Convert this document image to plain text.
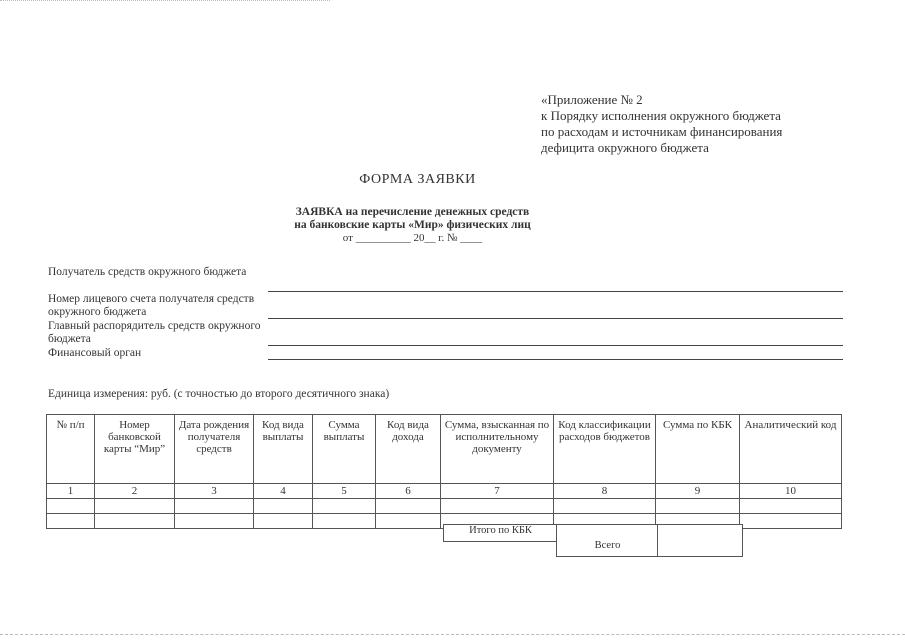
«Приложение № 2
к Порядку исполнения окружного бюджета
по расходам и источникам финансирования
дефицита окружного бюджета
ФОРМА ЗАЯВКИ
ЗАЯВКА на перечисление денежных средств
на банковские карты «Мир» физических лиц
от __________ 20__ г. № ____
Получатель средств окружного бюджета
Номер лицевого счета получателя средств окружного бюджета
Главный распорядитель средств окружного бюджета
Финансовый орган
Единица измерения: руб. (с точностью до второго десятичного знака)
№ п/п	Номер банковской карты “Мир”	Дата рождения получателя средств	Код вида выплаты	Сумма выплаты	Код вида дохода	Сумма, взысканная по исполнительному документу	Код классификации расходов бюджетов	Сумма по КБК	Аналитический код
1	2	3	4	5	6	7	8	9	10

Итого по КБК
Всего
